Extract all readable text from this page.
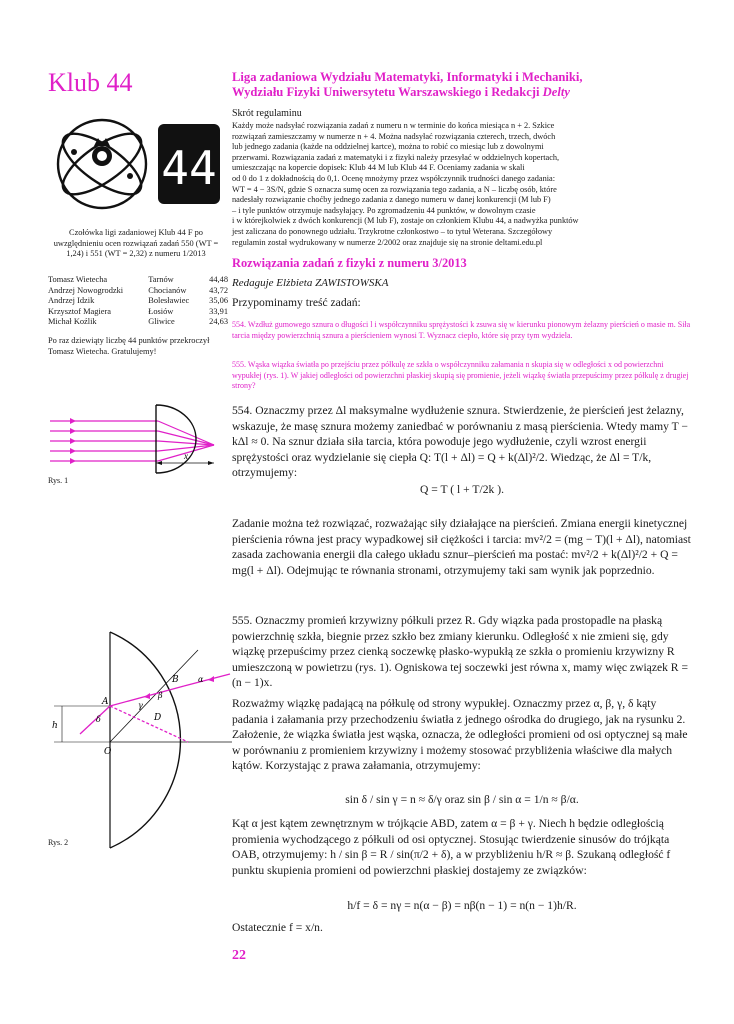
Klub 44
44
Czołówka ligi zadaniowej Klub 44 F po uwzględnieniu ocen rozwiązań zadań 550 (WT = 1,24) i 551 (WT = 2,32) z numeru 1/2013
Tomasz Wietecha	Tarnów	44,48
Andrzej Nowogrodzki	Chocianów	43,72
Andrzej Idzik	Bolesławiec	35,06
Krzysztof Magiera	Łosiów	33,91
Michał Koźlik	Gliwice	24,63
Po raz dziewiąty liczbę 44 punktów przekroczył Tomasz Wietecha. Gratulujemy!
x
Rys. 1
B
A
D
O
h
α
β
γ
δ
Rys. 2
Liga zadaniowa Wydziału Matematyki, Informatyki i Mechaniki,
Wydziału Fizyki Uniwersytetu Warszawskiego i Redakcji Delty
Skrót regulaminu
Każdy może nadsyłać rozwiązania zadań z numeru n w terminie do końca miesiąca n + 2. Szkice
rozwiązań zamieszczamy w numerze n + 4. Można nadsyłać rozwiązania czterech, trzech, dwóch
lub jednego zadania (każde na oddzielnej kartce), można to robić co miesiąc lub z dowolnymi
przerwami. Rozwiązania zadań z matematyki i z fizyki należy przesyłać w oddzielnych kopertach,
umieszczając na kopercie dopisek: Klub 44 M lub Klub 44 F. Oceniamy zadania w skali
od 0 do 1 z dokładnością do 0,1. Ocenę mnożymy przez współczynnik trudności danego zadania:
WT = 4 − 3S/N, gdzie S oznacza sumę ocen za rozwiązania tego zadania, a N – liczbę osób, które
nadesłały rozwiązanie choćby jednego zadania z danego numeru w danej konkurencji (M lub F)
– i tyle punktów otrzymuje nadsyłający. Po zgromadzeniu 44 punktów, w dowolnym czasie
i w którejkolwiek z dwóch konkurencji (M lub F), zostaje on członkiem Klubu 44, a nadwyżka punktów
jest zaliczana do ponownego udziału. Trzykrotne członkostwo – to tytuł Weterana. Szczegółowy
regulamin został wydrukowany w numerze 2/2002 oraz znajduje się na stronie deltami.edu.pl
Rozwiązania zadań z fizyki z numeru 3/2013
Redaguje Elżbieta ZAWISTOWSKA
Przypominamy treść zadań:
554. Wzdłuż gumowego sznura o długości l i współczynniku sprężystości k zsuwa się w kierunku pionowym żelazny pierścień o masie m. Siła tarcia między powierzchnią sznura a pierścieniem wynosi T. Wyznacz ciepło, które się przy tym wydziela.
555. Wąska wiązka światła po przejściu przez półkulę ze szkła o współczynniku załamania n skupia się w odległości x od powierzchni wypukłej (rys. 1). W jakiej odległości od powierzchni płaskiej skupią się promienie, jeżeli wiązkę światła przepuścimy przez półkulę z drugiej strony?
554. Oznaczmy przez Δl maksymalne wydłużenie sznura. Stwierdzenie, że pierścień jest żelazny, wskazuje, że masę sznura możemy zaniedbać w porównaniu z masą pierścienia. Wtedy mamy T − kΔl ≈ 0. Na sznur działa siła tarcia, która powoduje jego wydłużenie, czyli wzrost energii sprężystości oraz wydzielanie się ciepła Q: T(l + Δl) = Q + k(Δl)²/2. Wiedząc, że Δl = T/k, otrzymujemy:
Q = T ( l + T/2k ).
Zadanie można też rozwiązać, rozważając siły działające na pierścień. Zmiana energii kinetycznej pierścienia równa jest pracy wypadkowej sił ciężkości i tarcia: mv²/2 = (mg − T)(l + Δl), natomiast zasada zachowania energii dla całego układu sznur–pierścień ma postać: mv²/2 + k(Δl)²/2 + Q = mg(l + Δl). Odejmując te równania stronami, otrzymujemy taki sam wynik jak poprzednio.
555. Oznaczmy promień krzywizny półkuli przez R. Gdy wiązka pada prostopadle na płaską powierzchnię szkła, biegnie przez szkło bez zmiany kierunku. Odległość x nie zmieni się, gdy wiązkę przepuścimy przez cienką soczewkę płasko-wypukłą ze szkła o promieniu krzywizny R umieszczoną w powietrzu (rys. 1). Ogniskowa tej soczewki jest równa x, mamy więc związek R = (n − 1)x.
Rozważmy wiązkę padającą na półkulę od strony wypukłej. Oznaczmy przez α, β, γ, δ kąty padania i załamania przy przechodzeniu światła z jednego ośrodka do drugiego, jak na rysunku 2. Założenie, że wiązka światła jest wąska, oznacza, że odległości promieni od osi optycznej są małe w porównaniu z promieniem krzywizny i możemy stosować przybliżenia właściwe dla małych kątów. Korzystając z prawa załamania, otrzymujemy:
sin δ / sin γ = n ≈ δ/γ oraz sin β / sin α = 1/n ≈ β/α.
Kąt α jest kątem zewnętrznym w trójkącie ABD, zatem α = β + γ. Niech h będzie odległością promienia wychodzącego z półkuli od osi optycznej. Stosując twierdzenie sinusów do trójkąta OAB, otrzymujemy: h / sin β = R / sin(π/2 + δ), a w przybliżeniu h/R ≈ β. Szukaną odległość f punktu skupienia promieni od powierzchni płaskiej dostajemy ze związków:
h/f = δ = nγ = n(α − β) = nβ(n − 1) = n(n − 1)h/R.
Ostatecznie f = x/n.
22
